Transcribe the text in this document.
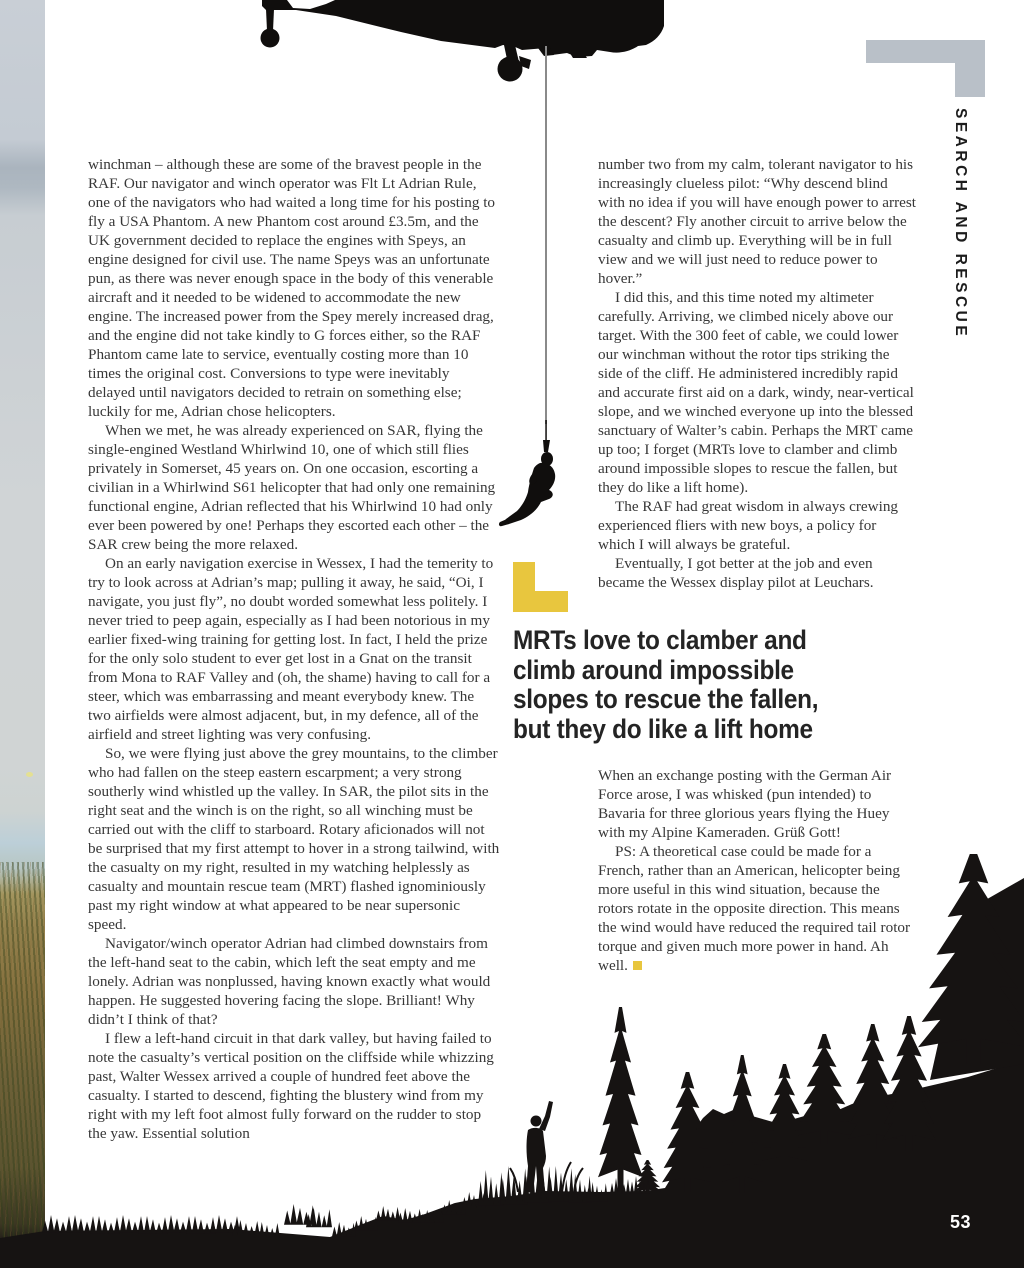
SEARCH AND RESCUE

winchman – although these are some of the bravest people in the RAF. Our navigator and winch operator was Flt Lt Adrian Rule, one of the navigators who had waited a long time for his posting to fly a USA Phantom. A new Phantom cost around £3.5m, and the UK government decided to replace the engines with Speys, an engine designed for civil use. The name Speys was an unfortunate pun, as there was never enough space in the body of this venerable aircraft and it needed to be widened to accommodate the new engine. The increased power from the Spey merely increased drag, and the engine did not take kindly to G forces either, so the RAF Phantom came late to service, eventually costing more than 10 times the original cost. Conversions to type were inevitably delayed until navigators decided to retrain on something else; luckily for me, Adrian chose helicopters.

When we met, he was already experienced on SAR, flying the single-engined Westland Whirlwind 10, one of which still flies privately in Somerset, 45 years on. On one occasion, escorting a civilian in a Whirlwind S61 helicopter that had only one remaining functional engine, Adrian reflected that his Whirlwind 10 had only ever been powered by one! Perhaps they escorted each other – the SAR crew being the more relaxed.

On an early navigation exercise in Wessex, I had the temerity to try to look across at Adrian’s map; pulling it away, he said, “Oi, I navigate, you just fly”, no doubt worded somewhat less politely. I never tried to peep again, especially as I had been notorious in my earlier fixed-wing training for getting lost. In fact, I held the prize for the only solo student to ever get lost in a Gnat on the transit from Mona to RAF Valley and (oh, the shame) having to call for a steer, which was embarrassing and meant everybody knew. The two airfields were almost adjacent, but, in my defence, all of the airfield and street lighting was very confusing.

So, we were flying just above the grey mountains, to the climber who had fallen on the steep eastern escarpment; a very strong southerly wind whistled up the valley. In SAR, the pilot sits in the right seat and the winch is on the right, so all winching must be carried out with the cliff to starboard. Rotary aficionados will not be surprised that my first attempt to hover in a strong tailwind, with the casualty on my right, resulted in my watching helplessly as casualty and mountain rescue team (MRT) flashed ignominiously past my right window at what appeared to be near supersonic speed.

Navigator/winch operator Adrian had climbed downstairs from the left-hand seat to the cabin, which left the seat empty and me lonely. Adrian was nonplussed, having known exactly what would happen. He suggested hovering facing the slope. Brilliant! Why didn’t I think of that?

I flew a left-hand circuit in that dark valley, but having failed to note the casualty’s vertical position on the cliffside while whizzing past, Walter Wessex arrived a couple of hundred feet above the casualty. I started to descend, fighting the blustery wind from my right with my left foot almost fully forward on the rudder to stop the yaw. Essential solution

number two from my calm, tolerant navigator to his increasingly clueless pilot: “Why descend blind with no idea if you will have enough power to arrest the descent? Fly another circuit to arrive below the casualty and climb up. Everything will be in full view and we will just need to reduce power to hover.”

I did this, and this time noted my altimeter carefully. Arriving, we climbed nicely above our target. With the 300 feet of cable, we could lower our winchman without the rotor tips striking the side of the cliff. He administered incredibly rapid and accurate first aid on a dark, windy, near-vertical slope, and we winched everyone up into the blessed sanctuary of Walter’s cabin. Perhaps the MRT came up too; I forget (MRTs love to clamber and climb around impossible slopes to rescue the fallen, but they do like a lift home).

The RAF had great wisdom in always crewing experienced fliers with new boys, a policy for which I will always be grateful.

Eventually, I got better at the job and even became the Wessex display pilot at Leuchars.

MRTs love to clamber and
climb around impossible
slopes to rescue the fallen,
but they do like a lift home

When an exchange posting with the German Air Force arose, I was whisked (pun intended) to Bavaria for three glorious years flying the Huey with my Alpine Kameraden. Grüß Gott!

PS: A theoretical case could be made for a French, rather than an American, helicopter being more useful in this wind situation, because the rotors rotate in the opposite direction. This means the wind would have reduced the required tail rotor torque and given much more power in hand. Ah well.

53
